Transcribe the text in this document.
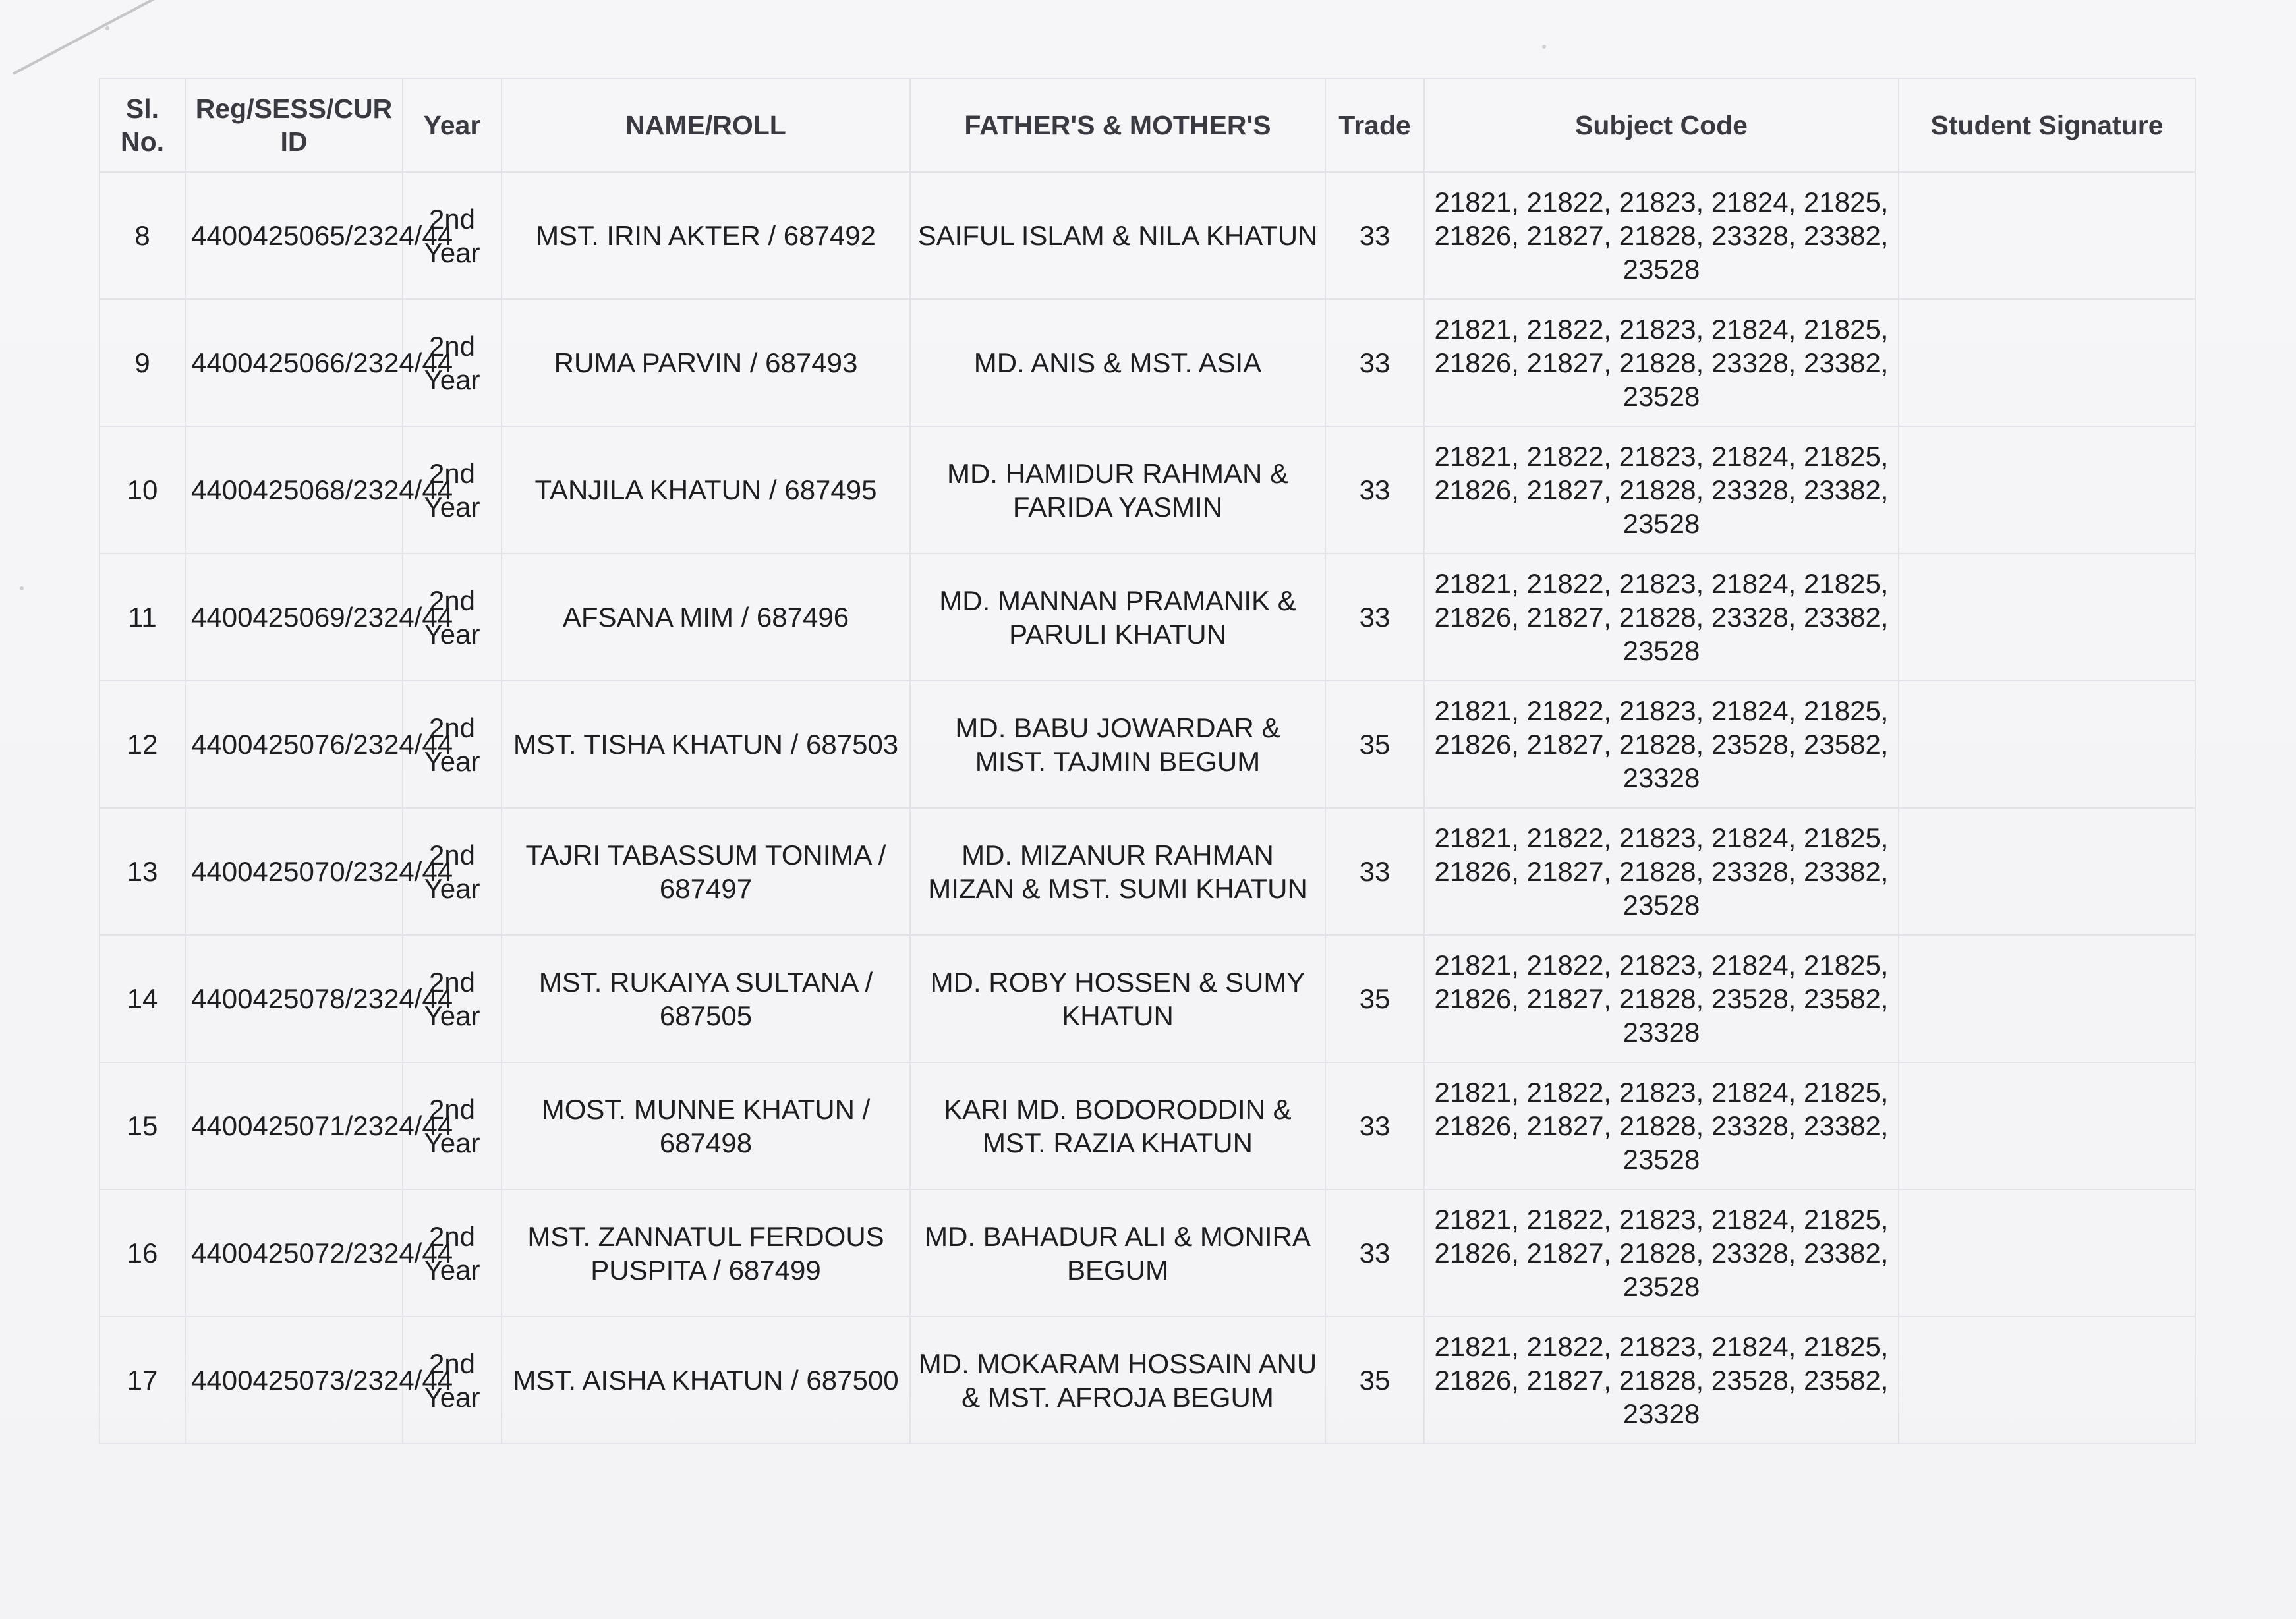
Sl. No.	Reg/SESS/CUR ID	Year	NAME/ROLL	FATHER'S & MOTHER'S	Trade	Subject Code	Student Signature
8	4400425065/2324/44	2nd Year	MST. IRIN AKTER / 687492	SAIFUL ISLAM & NILA KHATUN	33	21821, 21822, 21823, 21824, 21825, 21826, 21827, 21828, 23328, 23382, 23528	
9	4400425066/2324/44	2nd Year	RUMA PARVIN / 687493	MD. ANIS & MST. ASIA	33	21821, 21822, 21823, 21824, 21825, 21826, 21827, 21828, 23328, 23382, 23528	
10	4400425068/2324/44	2nd Year	TANJILA KHATUN / 687495	MD. HAMIDUR RAHMAN & FARIDA YASMIN	33	21821, 21822, 21823, 21824, 21825, 21826, 21827, 21828, 23328, 23382, 23528	
11	4400425069/2324/44	2nd Year	AFSANA MIM / 687496	MD. MANNAN PRAMANIK & PARULI KHATUN	33	21821, 21822, 21823, 21824, 21825, 21826, 21827, 21828, 23328, 23382, 23528	
12	4400425076/2324/44	2nd Year	MST. TISHA KHATUN / 687503	MD. BABU JOWARDAR & MIST. TAJMIN BEGUM	35	21821, 21822, 21823, 21824, 21825, 21826, 21827, 21828, 23528, 23582, 23328	
13	4400425070/2324/44	2nd Year	TAJRI TABASSUM TONIMA / 687497	MD. MIZANUR RAHMAN MIZAN & MST. SUMI KHATUN	33	21821, 21822, 21823, 21824, 21825, 21826, 21827, 21828, 23328, 23382, 23528	
14	4400425078/2324/44	2nd Year	MST. RUKAIYA SULTANA / 687505	MD. ROBY HOSSEN & SUMY KHATUN	35	21821, 21822, 21823, 21824, 21825, 21826, 21827, 21828, 23528, 23582, 23328	
15	4400425071/2324/44	2nd Year	MOST. MUNNE KHATUN / 687498	KARI MD. BODORODDIN & MST. RAZIA KHATUN	33	21821, 21822, 21823, 21824, 21825, 21826, 21827, 21828, 23328, 23382, 23528	
16	4400425072/2324/44	2nd Year	MST. ZANNATUL FERDOUS PUSPITA / 687499	MD. BAHADUR ALI & MONIRA BEGUM	33	21821, 21822, 21823, 21824, 21825, 21826, 21827, 21828, 23328, 23382, 23528	
17	4400425073/2324/44	2nd Year	MST. AISHA KHATUN / 687500	MD. MOKARAM HOSSAIN ANU & MST. AFROJA BEGUM	35	21821, 21822, 21823, 21824, 21825, 21826, 21827, 21828, 23528, 23582, 23328	
